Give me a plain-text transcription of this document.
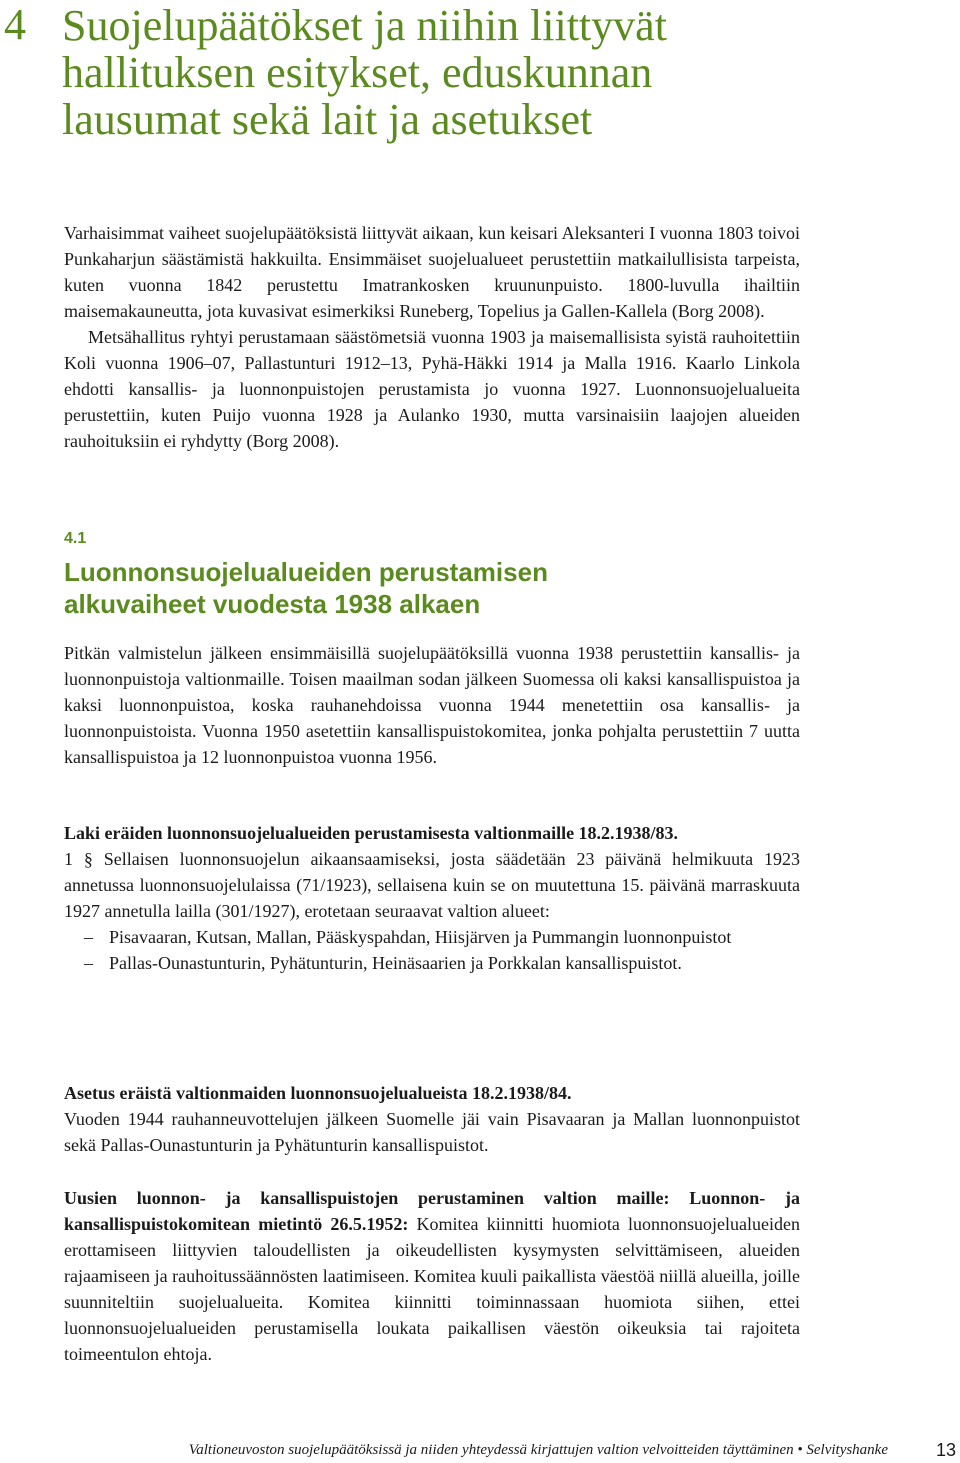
4 Suojelupäätökset ja niihin liittyvät
hallituksen esitykset, eduskunnan
lausumat sekä lait ja asetukset

Varhaisimmat vaiheet suojelupäätöksistä liittyvät aikaan, kun keisari Aleksanteri I vuonna 1803 toivoi Punkaharjun säästämistä hakkuilta. Ensimmäiset suojelualueet perustettiin matkailullisista tarpeista, kuten vuonna 1842 perustettu Imatrankosken kruununpuisto. 1800-luvulla ihailtiin maisemakauneutta, jota kuvasivat esimerkiksi Runeberg, Topelius ja Gallen-Kallela (Borg 2008).

Metsähallitus ryhtyi perustamaan säästömetsiä vuonna 1903 ja maisemallisista syistä rauhoitettiin Koli vuonna 1906–07, Pallastunturi 1912–13, Pyhä-Häkki 1914 ja Malla 1916. Kaarlo Linkola ehdotti kansallis- ja luonnonpuistojen perustamista jo vuonna 1927. Luonnonsuojelualueita perustettiin, kuten Puijo vuonna 1928 ja Aulanko 1930, mutta varsinaisiin laajojen alueiden rauhoituksiin ei ryhdytty (Borg 2008).

4.1
Luonnonsuojelualueiden perustamisen
alkuvaiheet vuodesta 1938 alkaen

Pitkän valmistelun jälkeen ensimmäisillä suojelupäätöksillä vuonna 1938 perustettiin kansallis- ja luonnonpuistoja valtionmaille. Toisen maailman sodan jälkeen Suomessa oli kaksi kansallispuistoa ja kaksi luonnonpuistoa, koska rauhanehdoissa vuonna 1944 menetettiin osa kansallis- ja luonnonpuistoista. Vuonna 1950 asetettiin kansallispuistokomitea, jonka pohjalta perustettiin 7 uutta kansallispuistoa ja 12 luonnonpuistoa vuonna 1956.

Laki eräiden luonnonsuojelualueiden perustamisesta valtionmaille 18.2.1938/83.

1 § Sellaisen luonnonsuojelun aikaansaamiseksi, josta säädetään 23 päivänä helmikuuta 1923 annetussa luonnonsuojelulaissa (71/1923), sellaisena kuin se on muutettuna 15. päivänä marraskuuta 1927 annetulla lailla (301/1927), erotetaan seuraavat valtion alueet:

– Pisavaaran, Kutsan, Mallan, Pääskyspahdan, Hiisjärven ja Pummangin luonnonpuistot
– Pallas-Ounastunturin, Pyhätunturin, Heinäsaarien ja Porkkalan kansallispuistot.

Asetus eräistä valtionmaiden luonnonsuojelualueista 18.2.1938/84.

Vuoden 1944 rauhanneuvottelujen jälkeen Suomelle jäi vain Pisavaaran ja Mallan luonnonpuistot sekä Pallas-Ounastunturin ja Pyhätunturin kansallispuistot.

Uusien luonnon- ja kansallispuistojen perustaminen valtion maille: Luonnon- ja kansallispuistokomitean mietintö 26.5.1952: Komitea kiinnitti huomiota luonnonsuojelualueiden erottamiseen liittyvien taloudellisten ja oikeudellisten kysymysten selvittämiseen, alueiden rajaamiseen ja rauhoitussäännösten laatimiseen. Komitea kuuli paikallista väestöä niillä alueilla, joille suunniteltiin suojelualueita. Komitea kiinnitti toiminnassaan huomiota siihen, ettei luonnonsuojelualueiden perustamisella loukata paikallisen väestön oikeuksia tai rajoiteta toimeentulon ehtoja.

Valtioneuvoston suojelupäätöksissä ja niiden yhteydessä kirjattujen valtion velvoitteiden täyttäminen • Selvityshanke	13
